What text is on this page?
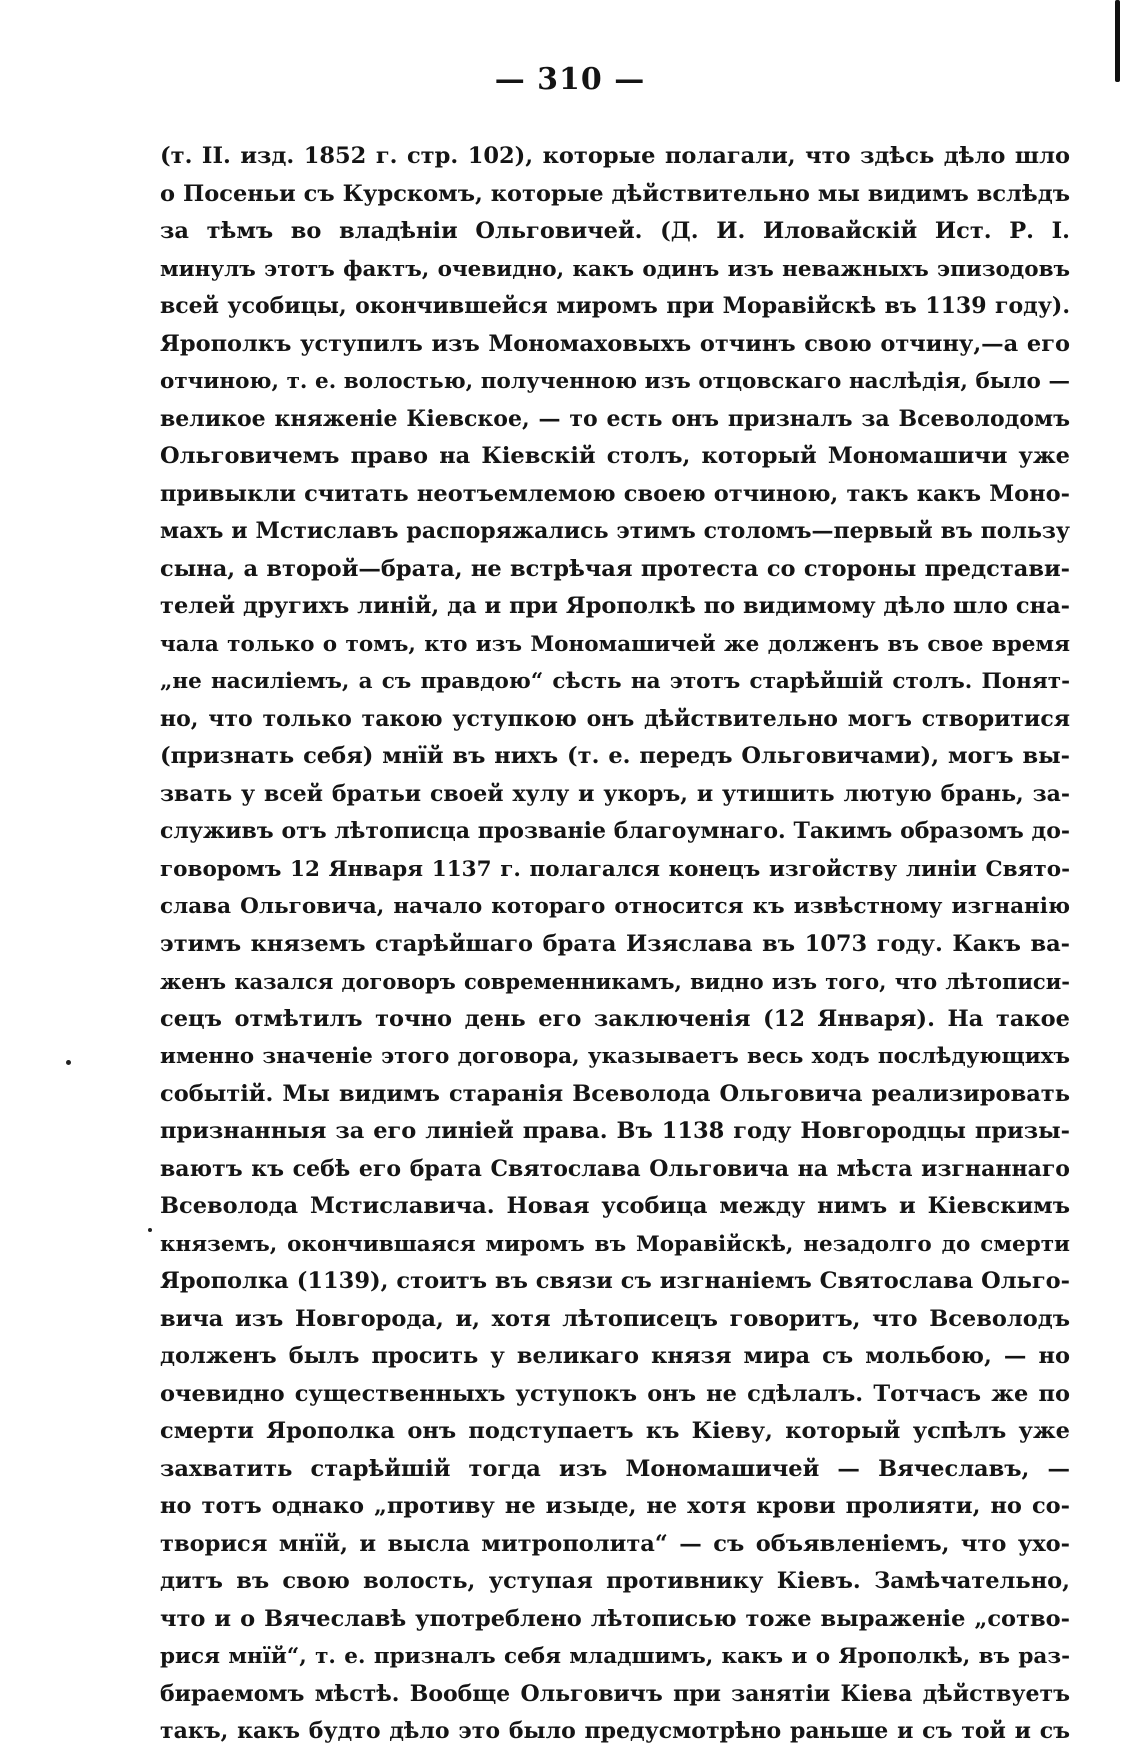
— 310 —
(т. II. изд. 1852 г. стр. 102), которые полагали, что здѣсь дѣло шло
о Посеньи съ Курскомъ, которые дѣйствительно мы видимъ вслѣдъ
за тѣмъ во владѣніи Ольговичей. (Д. И. Иловайскій Ист. Р. I.
минулъ этотъ фактъ, очевидно, какъ одинъ изъ неважныхъ эпизодовъ
всей усобицы, окончившейся миромъ при Моравійскѣ въ 1139 году).
Ярополкъ уступилъ изъ Мономаховыхъ отчинъ свою отчину,—а его
отчиною, т. е. волостью, полученною изъ отцовскаго наслѣдія, было —
великое княженіе Кіевское, — то есть онъ призналъ за Всеволодомъ
Ольговичемъ право на Кіевскій столъ, который Мономашичи уже
привыкли считать неотъемлемою своею отчиною, такъ какъ Моно-
махъ и Мстиславъ распоряжались этимъ столомъ—первый въ пользу
сына, а второй—брата, не встрѣчая протеста со стороны представи-
телей другихъ линій, да и при Ярополкѣ по видимому дѣло шло сна-
чала только о томъ, кто изъ Мономашичей же долженъ въ свое время
„не насиліемъ, а съ правдою“ сѣсть на этотъ старѣйшій столъ. Понят-
но, что только такою уступкою онъ дѣйствительно могъ створитися
(признать себя) мнїй въ нихъ (т. е. передъ Ольговичами), могъ вы-
звать у всей братьи своей хулу и укоръ, и утишить лютую брань, за-
служивъ отъ лѣтописца прозваніе благоумнаго. Такимъ образомъ до-
говоромъ 12 Января 1137 г. полагался конецъ изгойству линіи Свято-
слава Ольговича, начало котораго относится къ извѣстному изгнанію
этимъ княземъ старѣйшаго брата Изяслава въ 1073 году. Какъ ва-
женъ казался договоръ современникамъ, видно изъ того, что лѣтописи-
сецъ отмѣтилъ точно день его заключенія (12 Января). На такое
именно значеніе этого договора, указываетъ весь ходъ послѣдующихъ
событій. Мы видимъ старанія Всеволода Ольговича реализировать
признанныя за его линіей права. Въ 1138 году Новгородцы призы-
ваютъ къ себѣ его брата Святослава Ольговича на мѣста изгнаннаго
Всеволода Мстиславича. Новая усобица между нимъ и Кіевскимъ
княземъ, окончившаяся миромъ въ Моравійскѣ, незадолго до смерти
Ярополка (1139), стоитъ въ связи съ изгнаніемъ Святослава Ольго-
вича изъ Новгорода, и, хотя лѣтописецъ говоритъ, что Всеволодъ
долженъ былъ просить у великаго князя мира съ мольбою, — но
очевидно существенныхъ уступокъ онъ не сдѣлалъ. Тотчасъ же по
смерти Ярополка онъ подступаетъ къ Кіеву, который успѣлъ уже
захватить старѣйшій тогда изъ Мономашичей — Вячеславъ, —
но тотъ однако „противу не изыде, не хотя крови пролияти, но со-
творися мнїй, и высла митрополита“ — съ объявленіемъ, что ухо-
дитъ въ свою волость, уступая противнику Кіевъ. Замѣчательно,
что и о Вячеславѣ употреблено лѣтописью тоже выраженіе „сотво-
рися мнїй“, т. е. призналъ себя младшимъ, какъ и о Ярополкѣ, въ раз-
бираемомъ мѣстѣ. Вообще Ольговичъ при занятіи Кіева дѣйствуетъ
такъ, какъ будто дѣло это было предусмотрѣно раньше и съ той и съ
